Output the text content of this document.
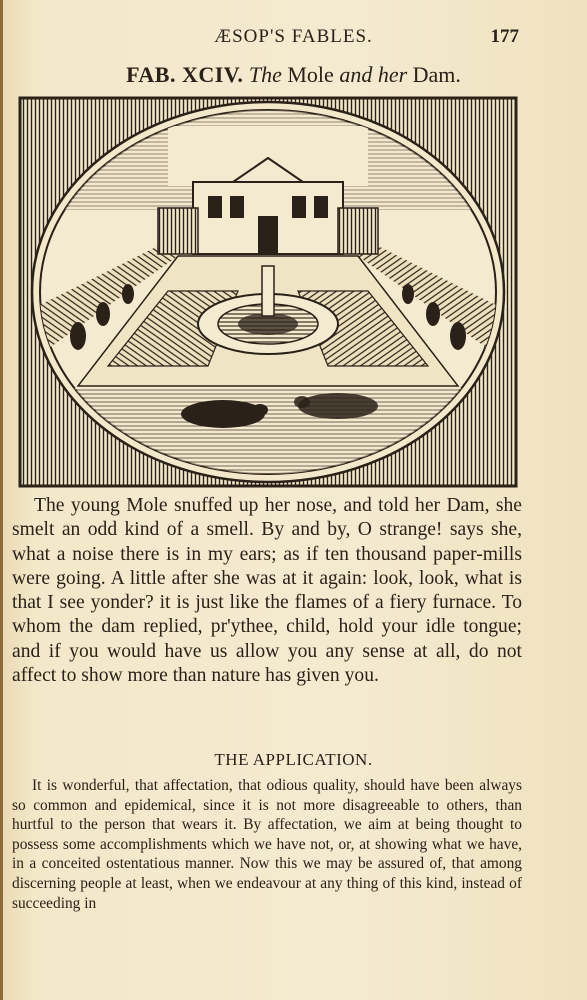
ÆSOP'S FABLES.	177
FAB. XCIV. The Mole and her Dam.

The young Mole snuffed up her nose, and told her Dam, she smelt an odd kind of a smell. By and by, O strange! says she, what a noise there is in my ears; as if ten thousand paper-mills were going. A little after she was at it again: look, look, what is that I see yonder? it is just like the flames of a fiery furnace. To whom the dam replied, pr'ythee, child, hold your idle tongue; and if you would have us allow you any sense at all, do not affect to show more than nature has given you.

THE APPLICATION.

It is wonderful, that affectation, that odious quality, should have been always so common and epidemical, since it is not more disagreeable to others, than hurtful to the person that wears it. By affectation, we aim at being thought to possess some accomplishments which we have not, or, at showing what we have, in a conceited ostentatious manner. Now this we may be assured of, that among discerning people at least, when we endeavour at any thing of this kind, instead of succeeding in
